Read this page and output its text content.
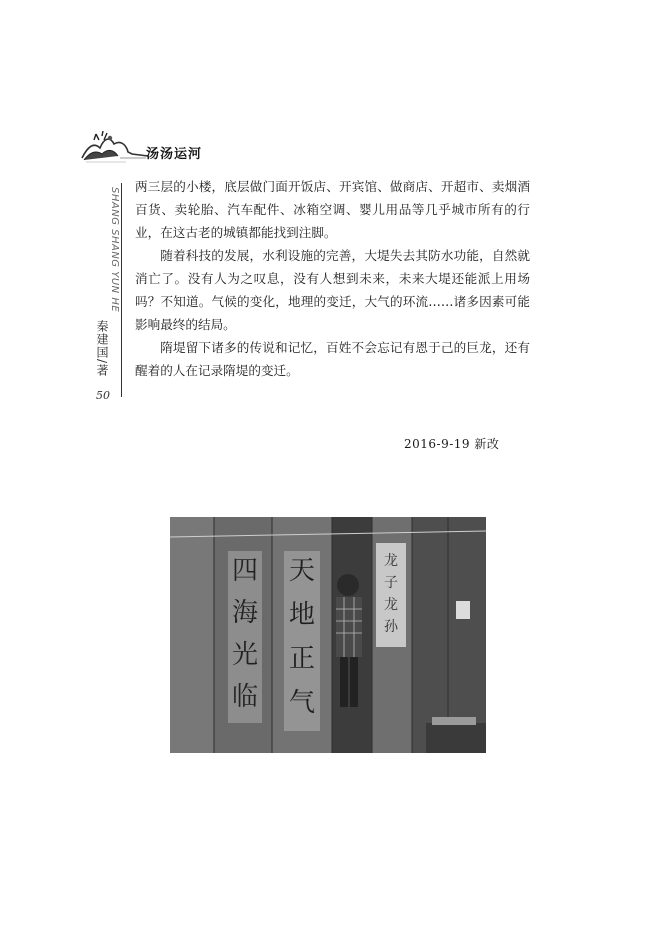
汤汤运河
SHANG SHANG YUN HE
秦建国/著
50

两三层的小楼，底层做门面开饭店、开宾馆、做商店、开超市、卖烟酒百货、卖轮胎、汽车配件、冰箱空调、婴儿用品等几乎城市所有的行业，在这古老的城镇都能找到注脚。

随着科技的发展，水利设施的完善，大堤失去其防水功能，自然就消亡了。没有人为之叹息，没有人想到未来，未来大堤还能派上用场吗？不知道。气候的变化，地理的变迁，大气的环流……诸多因素可能影响最终的结局。

隋堤留下诸多的传说和记忆，百姓不会忘记有恩于己的巨龙，还有醒着的人在记录隋堤的变迁。

2016-9-19 新改
四
海
光
临
天
地
正
气
龙
子
龙
孙
